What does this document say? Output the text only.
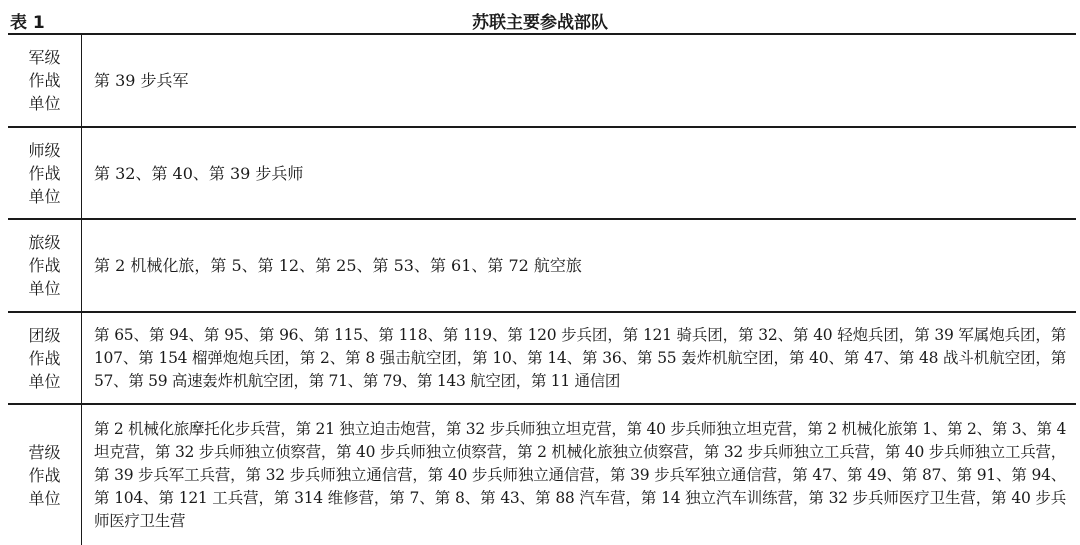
表 1	苏联主要参战部队
军级
作战
单位
第 39 步兵军
师级
作战
单位
第 32、第 40、第 39 步兵师
旅级
作战
单位
第 2 机械化旅，第 5、第 12、第 25、第 53、第 61、第 72 航空旅
团级
作战
单位
第 65、第 94、第 95、第 96、第 115、第 118、第 119、第 120 步兵团，第 121 骑兵团，第 32、第 40 轻炮兵团，第 39 军属炮兵团，第 107、第 154 榴弹炮炮兵团，第 2、第 8 强击航空团，第 10、第 14、第 36、第 55 轰炸机航空团，第 40、第 47、第 48 战斗机航空团，第 57、第 59 高速轰炸机航空团，第 71、第 79、第 143 航空团，第 11 通信团
营级
作战
单位
第 2 机械化旅摩托化步兵营，第 21 独立迫击炮营，第 32 步兵师独立坦克营，第 40 步兵师独立坦克营，第 2 机械化旅第 1、第 2、第 3、第 4 坦克营，第 32 步兵师独立侦察营，第 40 步兵师独立侦察营，第 2 机械化旅独立侦察营，第 32 步兵师独立工兵营，第 40 步兵师独立工兵营，第 39 步兵军工兵营，第 32 步兵师独立通信营，第 40 步兵师独立通信营，第 39 步兵军独立通信营，第 47、第 49、第 87、第 91、第 94、第 104、第 121 工兵营，第 314 维修营，第 7、第 8、第 43、第 88 汽车营，第 14 独立汽车训练营，第 32 步兵师医疗卫生营，第 40 步兵师医疗卫生营
